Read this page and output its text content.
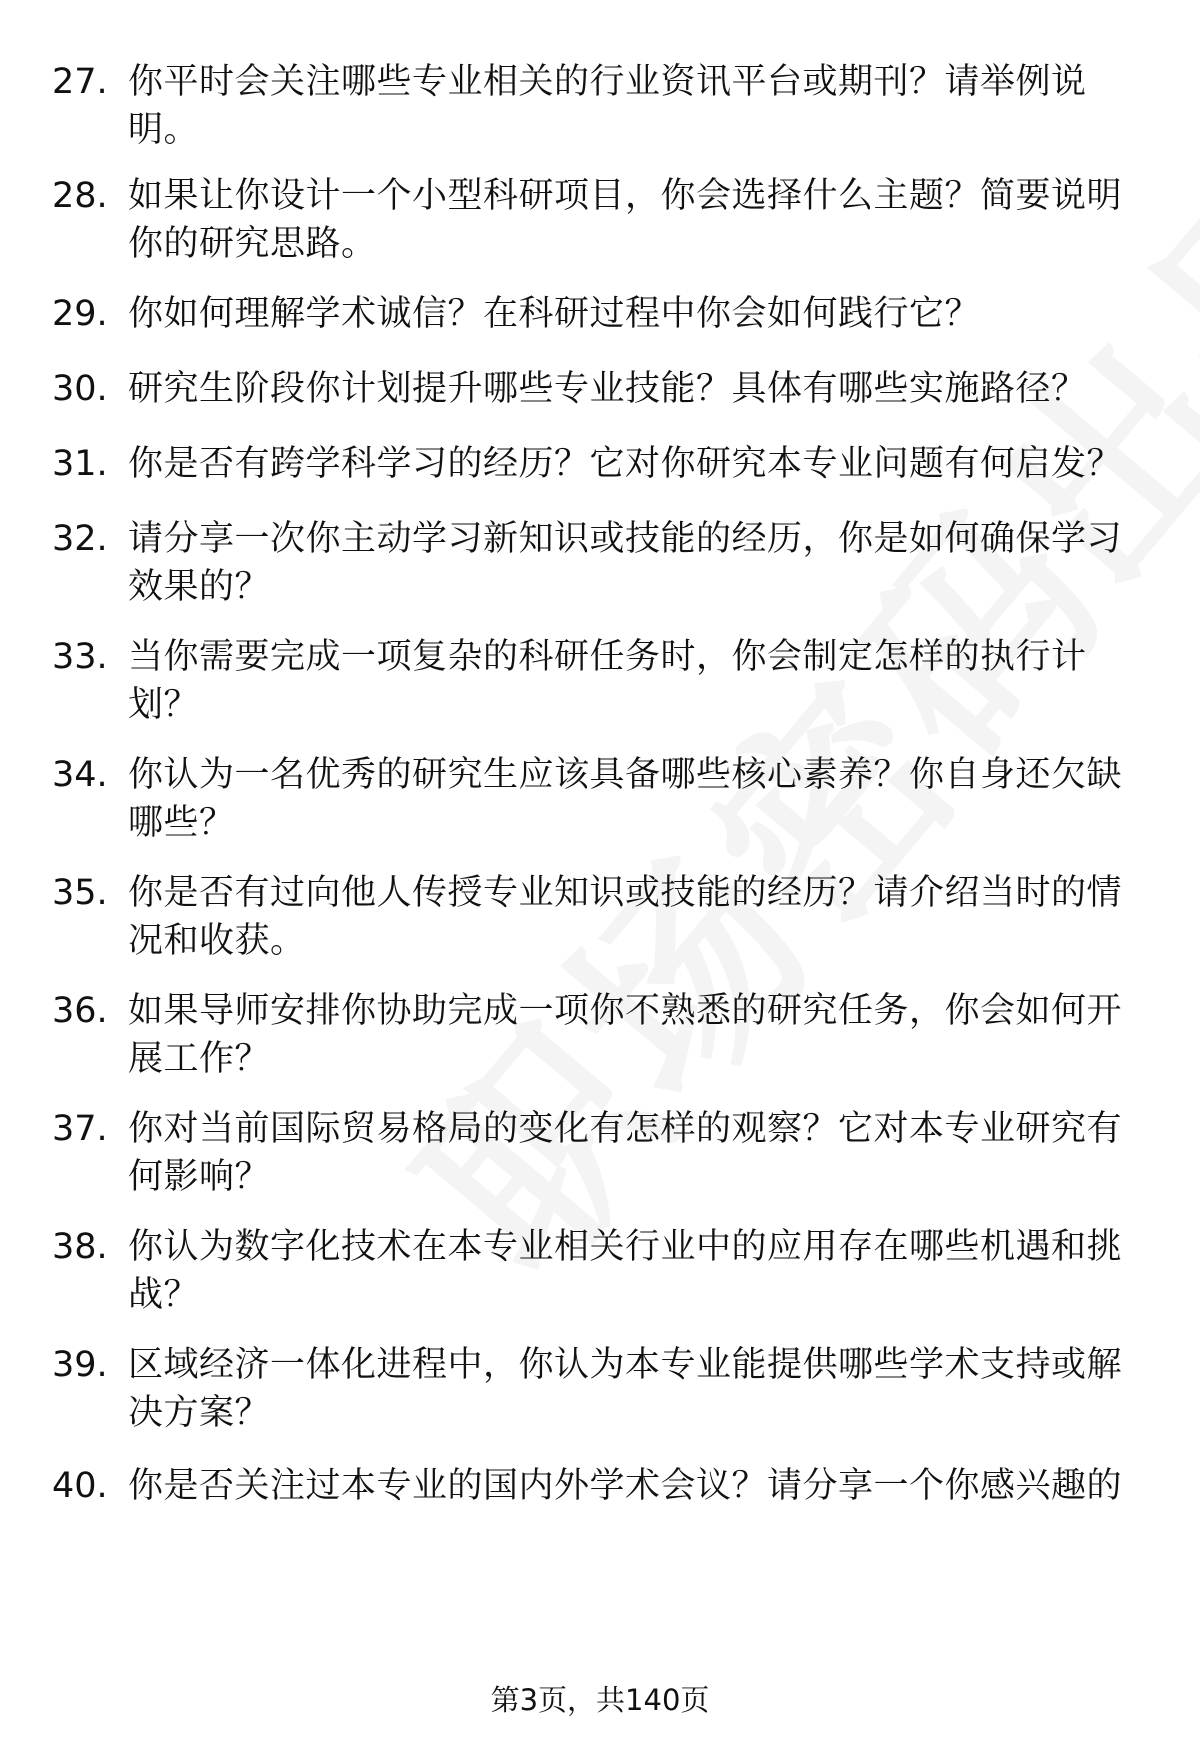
27. 你平时会关注哪些专业相关的行业资讯平台或期刊？请举例说明。
28. 如果让你设计一个小型科研项目，你会选择什么主题？简要说明你的研究思路。
29. 你如何理解学术诚信？在科研过程中你会如何践行它？
30. 研究生阶段你计划提升哪些专业技能？具体有哪些实施路径？
31. 你是否有跨学科学习的经历？它对你研究本专业问题有何启发？
32. 请分享一次你主动学习新知识或技能的经历，你是如何确保学习效果的？
33. 当你需要完成一项复杂的科研任务时，你会制定怎样的执行计划？
34. 你认为一名优秀的研究生应该具备哪些核心素养？你自身还欠缺哪些？
35. 你是否有过向他人传授专业知识或技能的经历？请介绍当时的情况和收获。
36. 如果导师安排你协助完成一项你不熟悉的研究任务，你会如何开展工作？
37. 你对当前国际贸易格局的变化有怎样的观察？它对本专业研究有何影响？
38. 你认为数字化技术在本专业相关行业中的应用存在哪些机遇和挑战？
39. 区域经济一体化进程中，你认为本专业能提供哪些学术支持或解决方案？
40. 你是否关注过本专业的国内外学术会议？请分享一个你感兴趣的
第3页，共140页
